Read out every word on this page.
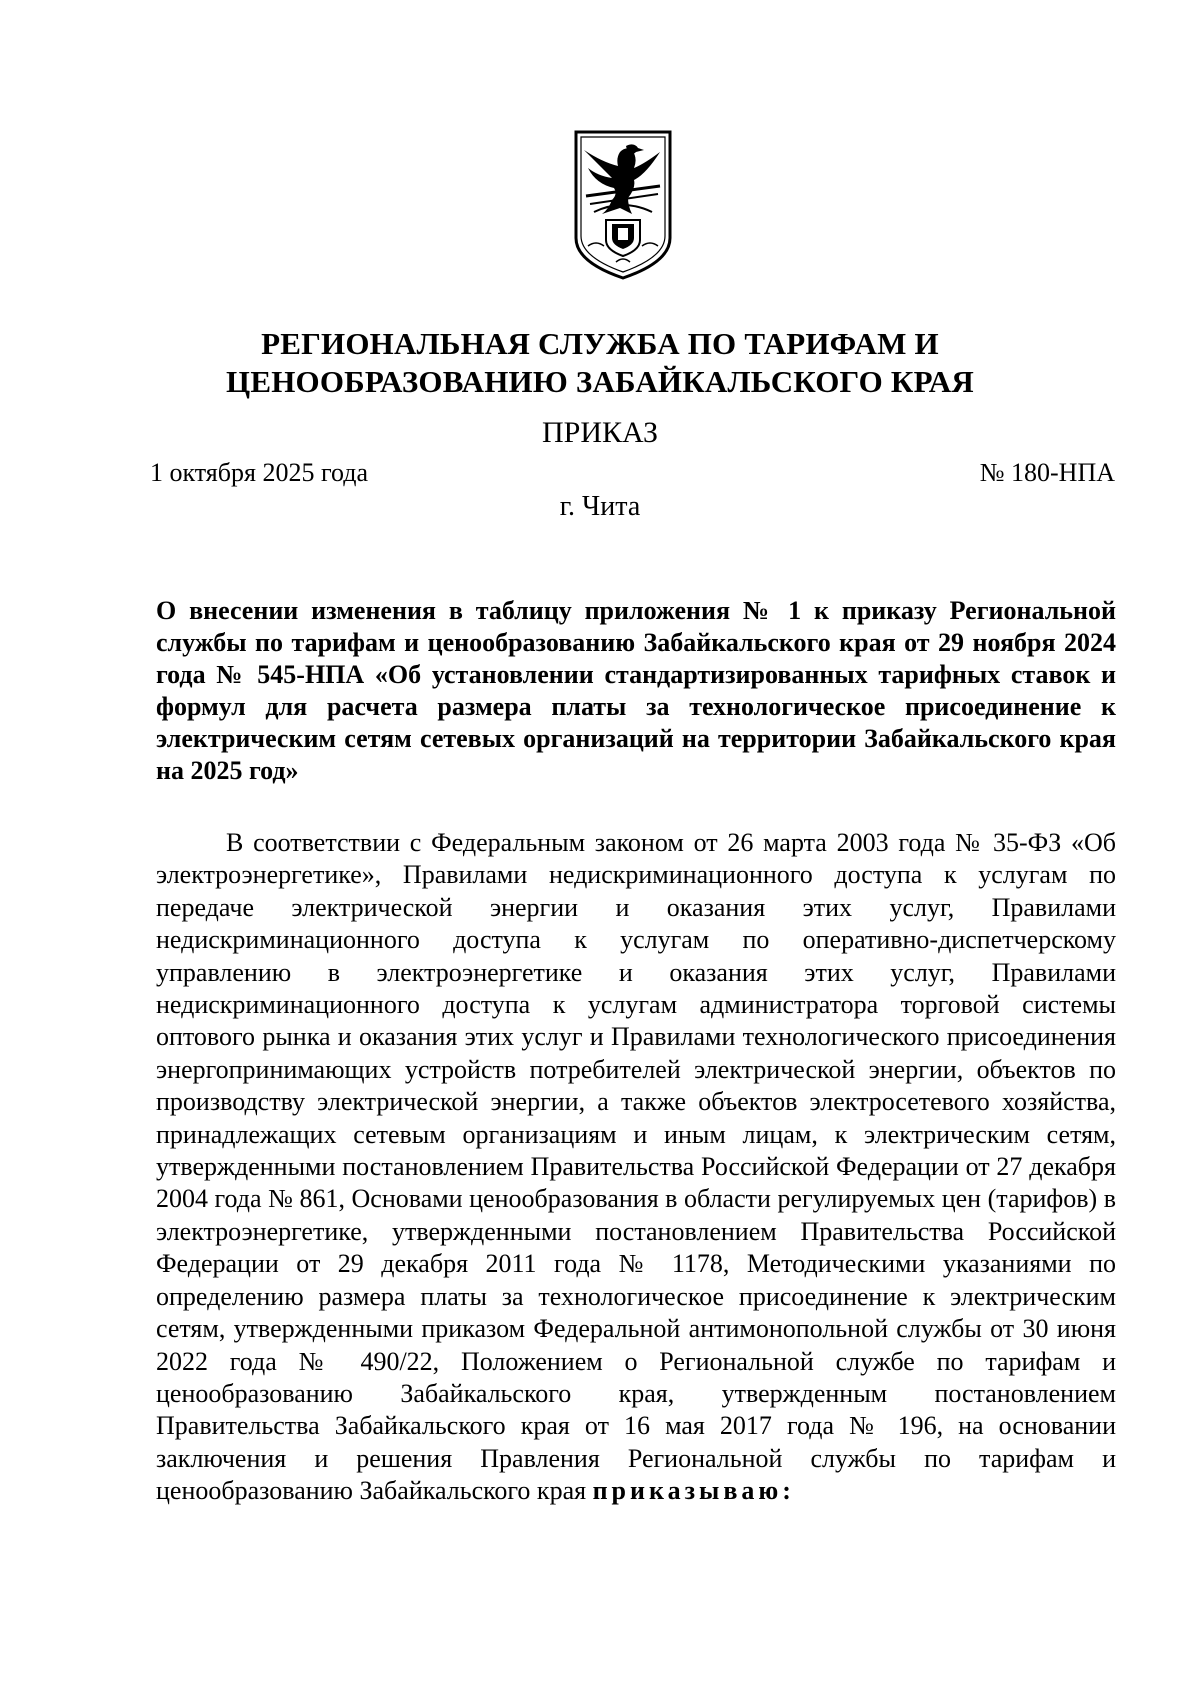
РЕГИОНАЛЬНАЯ СЛУЖБА ПО ТАРИФАМ И
ЦЕНООБРАЗОВАНИЮ ЗАБАЙКАЛЬСКОГО КРАЯ
ПРИКАЗ
1 октября 2025 года	№ 180-НПА
г. Чита
О внесении изменения в таблицу приложения № 1 к приказу Региональной службы по тарифам и ценообразованию Забайкальского края от 29 ноября 2024 года № 545-НПА «Об установлении стандартизированных тарифных ставок и формул для расчета размера платы за технологическое присоединение к электрическим сетям сетевых организаций на территории Забайкальского края на 2025 год»

В соответствии с Федеральным законом от 26 марта 2003 года № 35-ФЗ «Об электроэнергетике», Правилами недискриминационного доступа к услугам по передаче электрической энергии и оказания этих услуг, Правилами недискриминационного доступа к услугам по оперативно-диспетчерскому управлению в электроэнергетике и оказания этих услуг, Правилами недискриминационного доступа к услугам администратора торговой системы оптового рынка и оказания этих услуг и Правилами технологического присоединения энергопринимающих устройств потребителей электрической энергии, объектов по производству электрической энергии, а также объектов электросетевого хозяйства, принадлежащих сетевым организациям и иным лицам, к электрическим сетям, утвержденными постановлением Правительства Российской Федерации от 27 декабря 2004 года № 861, Основами ценообразования в области регулируемых цен (тарифов) в электроэнергетике, утвержденными постановлением Правительства Российской Федерации от 29 декабря 2011 года № 1178, Методическими указаниями по определению размера платы за технологическое присоединение к электрическим сетям, утвержденными приказом Федеральной антимонопольной службы от 30 июня 2022 года № 490/22, Положением о Региональной службе по тарифам и ценообразованию Забайкальского края, утвержденным постановлением Правительства Забайкальского края от 16 мая 2017 года № 196, на основании заключения и решения Правления Региональной службы по тарифам и ценообразованию Забайкальского края приказываю:
